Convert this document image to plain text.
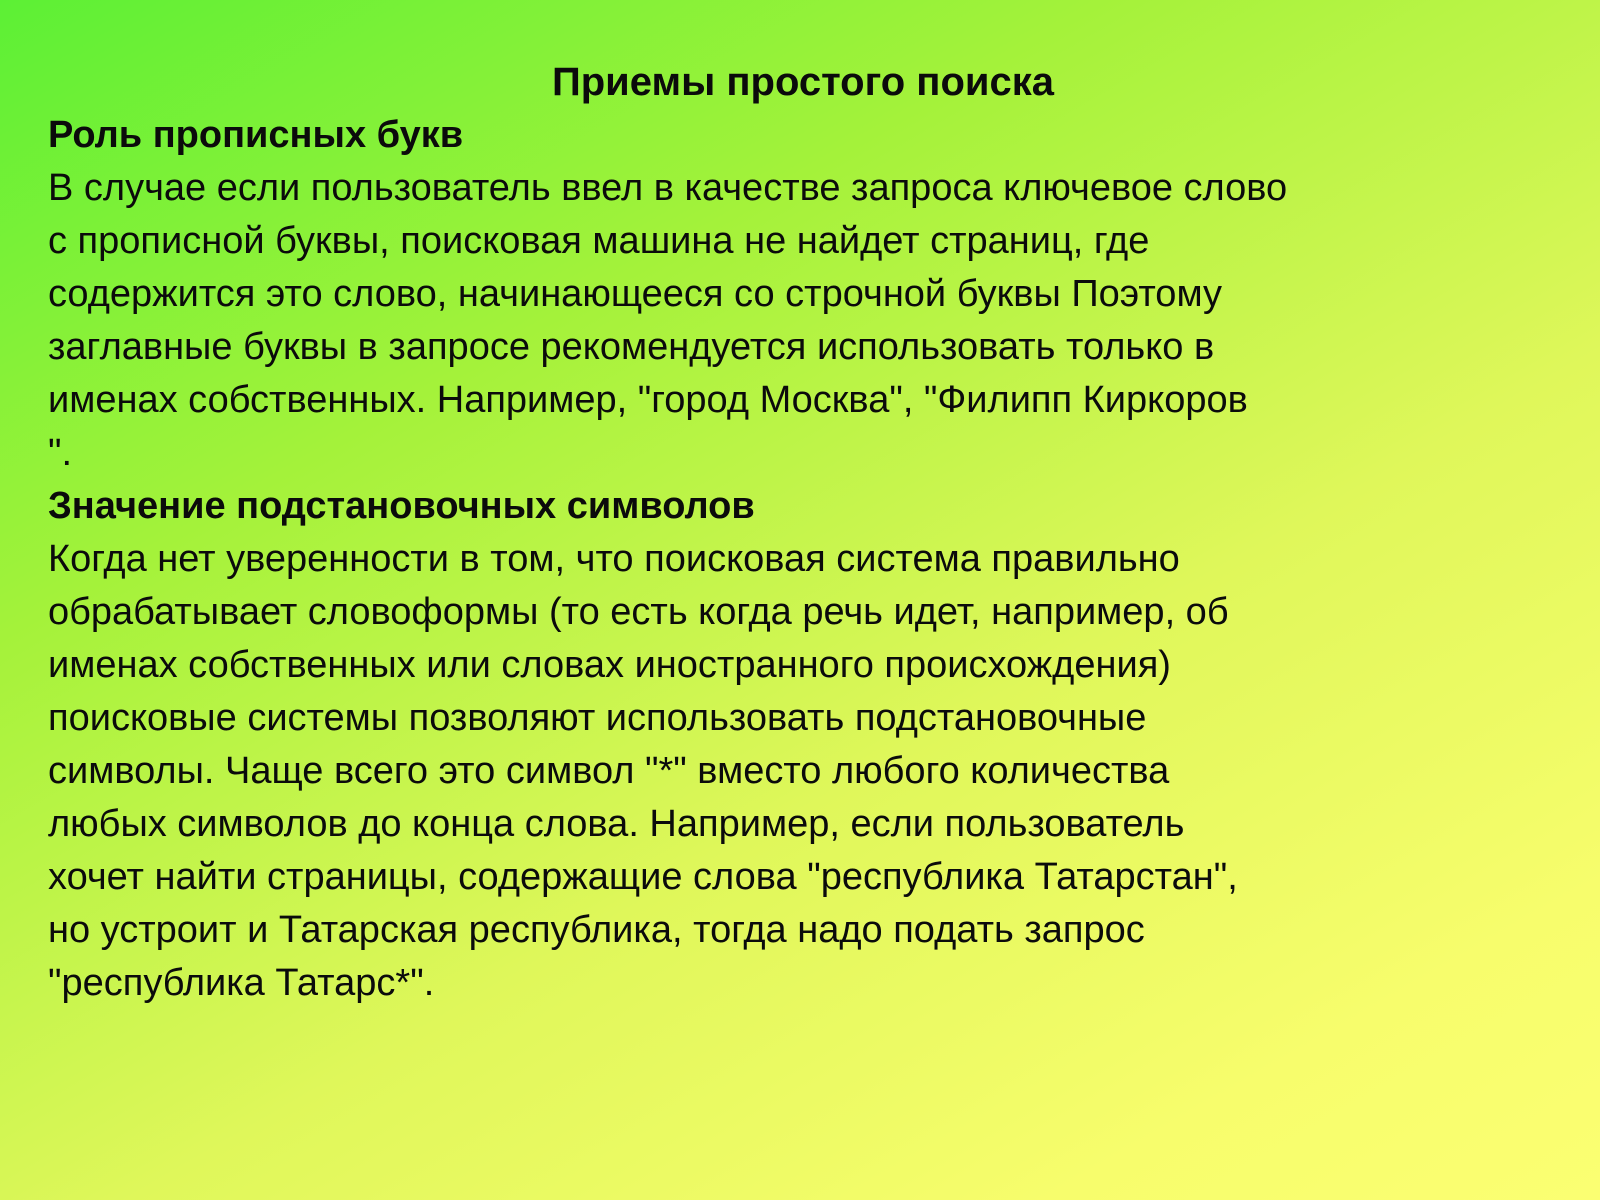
Приемы простого поиска
Роль прописных букв

В случае если пользователь ввел в качестве запроса ключевое слово
с прописной буквы, поисковая машина не найдет страниц, где
содержится это слово, начинающееся со строчной буквы Поэтому
заглавные буквы в запросе рекомендуется использовать только в
именах собственных. Например, "город Москва", "Филипп Киркоров
".

Значение подстановочных символов

Когда нет уверенности в том, что поисковая система правильно
обрабатывает словоформы (то есть когда речь идет, например, об
именах собственных или словах иностранного происхождения)
поисковые системы позволяют использовать подстановочные
символы. Чаще всего это символ "*" вместо любого количества
любых символов до конца слова. Например, если пользователь
хочет найти страницы, содержащие слова "республика Татарстан",
но устроит и Татарская республика, тогда надо подать запрос
"республика Татарс*".
